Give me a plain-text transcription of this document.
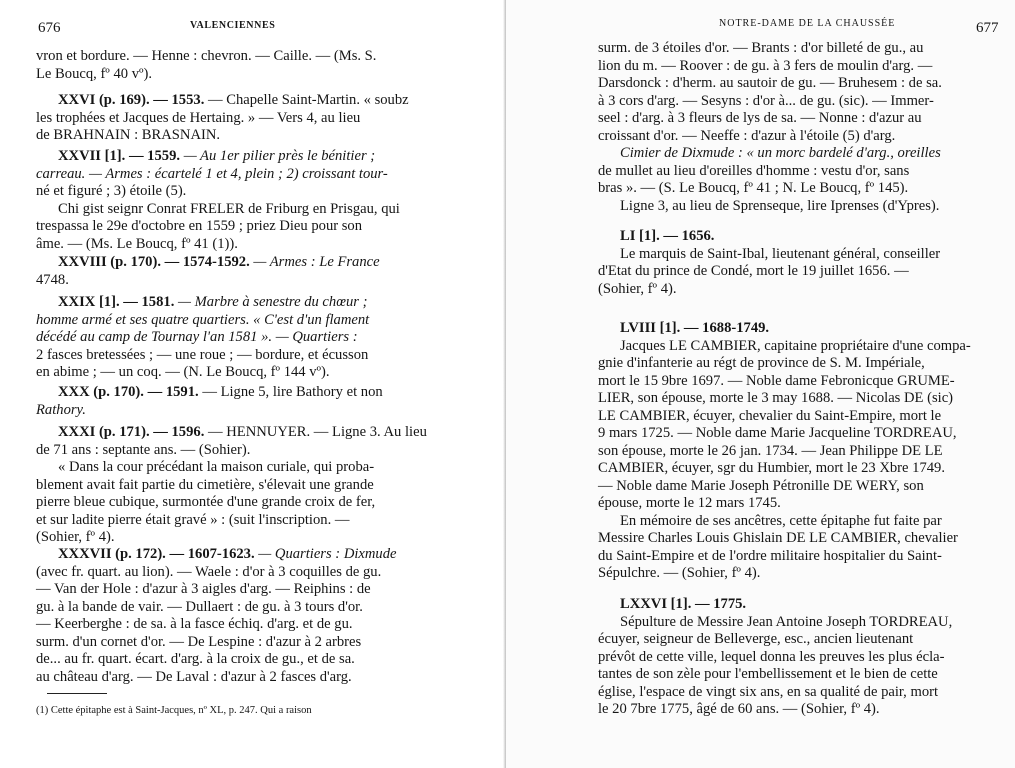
676	VALENCIENNES

vron et bordure. — Henne : chevron. — Caille. — (Ms. S.

Le Boucq, fº 40 vº).

XXVI (p. 169). — 1553. — Chapelle Saint-Martin. « soubz

les trophées et Jacques de Hertaing. » — Vers 4, au lieu

de BRAHNAIN : BRASNAIN.

XXVII [1]. — 1559. — Au 1er pilier près le bénitier ;

carreau. — Armes : écartelé 1 et 4, plein ; 2) croissant tour-

né et figuré ; 3) étoile (5).

Chi gist seignr Conrat FRELER de Friburg en Prisgau, qui

trespassa le 29e d'octobre en 1559 ; priez Dieu pour son

âme. — (Ms. Le Boucq, fº 41 (1)).

XXVIII (p. 170). — 1574-1592. — Armes : Le France

4748.

XXIX [1]. — 1581. — Marbre à senestre du chœur ;

homme armé et ses quatre quartiers. « C'est d'un flament

décédé au camp de Tournay l'an 1581 ». — Quartiers :

2 fasces bretessées ; — une roue ; — bordure, et écusson

en abime ; — un coq. — (N. Le Boucq, fº 144 vº).

XXX (p. 170). — 1591. — Ligne 5, lire Bathory et non

Rathory.

XXXI (p. 171). — 1596. — HENNUYER. — Ligne 3. Au lieu

de 71 ans : septante ans. — (Sohier).

« Dans la cour précédant la maison curiale, qui proba-

blement avait fait partie du cimetière, s'élevait une grande

pierre bleue cubique, surmontée d'une grande croix de fer,

et sur ladite pierre était gravé » : (suit l'inscription. —

(Sohier, fº 4).

XXXVII (p. 172). — 1607-1623. — Quartiers : Dixmude

(avec fr. quart. au lion). — Waele : d'or à 3 coquilles de gu.

— Van der Hole : d'azur à 3 aigles d'arg. — Reiphins : de

gu. à la bande de vair. — Dullaert : de gu. à 3 tours d'or.

— Keerberghe : de sa. à la fasce échiq. d'arg. et de gu.

surm. d'un cornet d'or. — De Lespine : d'azur à 2 arbres

de... au fr. quart. écart. d'arg. à la croix de gu., et de sa.

au château d'arg. — De Laval : d'azur à 2 fasces d'arg.

(1) Cette épitaphe est à Saint-Jacques, nº XL, p. 247. Qui a raison
NOTRE-DAME DE LA CHAUSSÉE	677

surm. de 3 étoiles d'or. — Brants : d'or billeté de gu., au

lion du m. — Roover : de gu. à 3 fers de moulin d'arg. —

Darsdonck : d'herm. au sautoir de gu. — Bruhesem : de sa.

à 3 cors d'arg. — Sesyns : d'or à... de gu. (sic). — Immer-

seel : d'arg. à 3 fleurs de lys de sa. — Nonne : d'azur au

croissant d'or. — Neeffe : d'azur à l'étoile (5) d'arg.

Cimier de Dixmude : « un morc bardelé d'arg., oreilles

de mullet au lieu d'oreilles d'homme : vestu d'or, sans

bras ». — (S. Le Boucq, fº 41 ; N. Le Boucq, fº 145).

Ligne 3, au lieu de Sprenseque, lire Iprenses (d'Ypres).

LI [1]. — 1656.

Le marquis de Saint-Ibal, lieutenant général, conseiller

d'Etat du prince de Condé, mort le 19 juillet 1656. —

(Sohier, fº 4).

LVIII [1]. — 1688-1749.

Jacques LE CAMBIER, capitaine propriétaire d'une compa-

gnie d'infanterie au régt de province de S. M. Impériale,

mort le 15 9bre 1697. — Noble dame Febronicque GRUME-

LIER, son épouse, morte le 3 may 1688. — Nicolas DE (sic)

LE CAMBIER, écuyer, chevalier du Saint-Empire, mort le

9 mars 1725. — Noble dame Marie Jacqueline TORDREAU,

son épouse, morte le 26 jan. 1734. — Jean Philippe DE LE

CAMBIER, écuyer, sgr du Humbier, mort le 23 Xbre 1749.

— Noble dame Marie Joseph Pétronille DE WERY, son

épouse, morte le 12 mars 1745.

En mémoire de ses ancêtres, cette épitaphe fut faite par

Messire Charles Louis Ghislain DE LE CAMBIER, chevalier

du Saint-Empire et de l'ordre militaire hospitalier du Saint-

Sépulchre. — (Sohier, fº 4).

LXXVI [1]. — 1775.

Sépulture de Messire Jean Antoine Joseph TORDREAU,

écuyer, seigneur de Belleverge, esc., ancien lieutenant

prévôt de cette ville, lequel donna les preuves les plus écla-

tantes de son zèle pour l'embellissement et le bien de cette

église, l'espace de vingt six ans, en sa qualité de pair, mort

le 20 7bre 1775, âgé de 60 ans. — (Sohier, fº 4).
